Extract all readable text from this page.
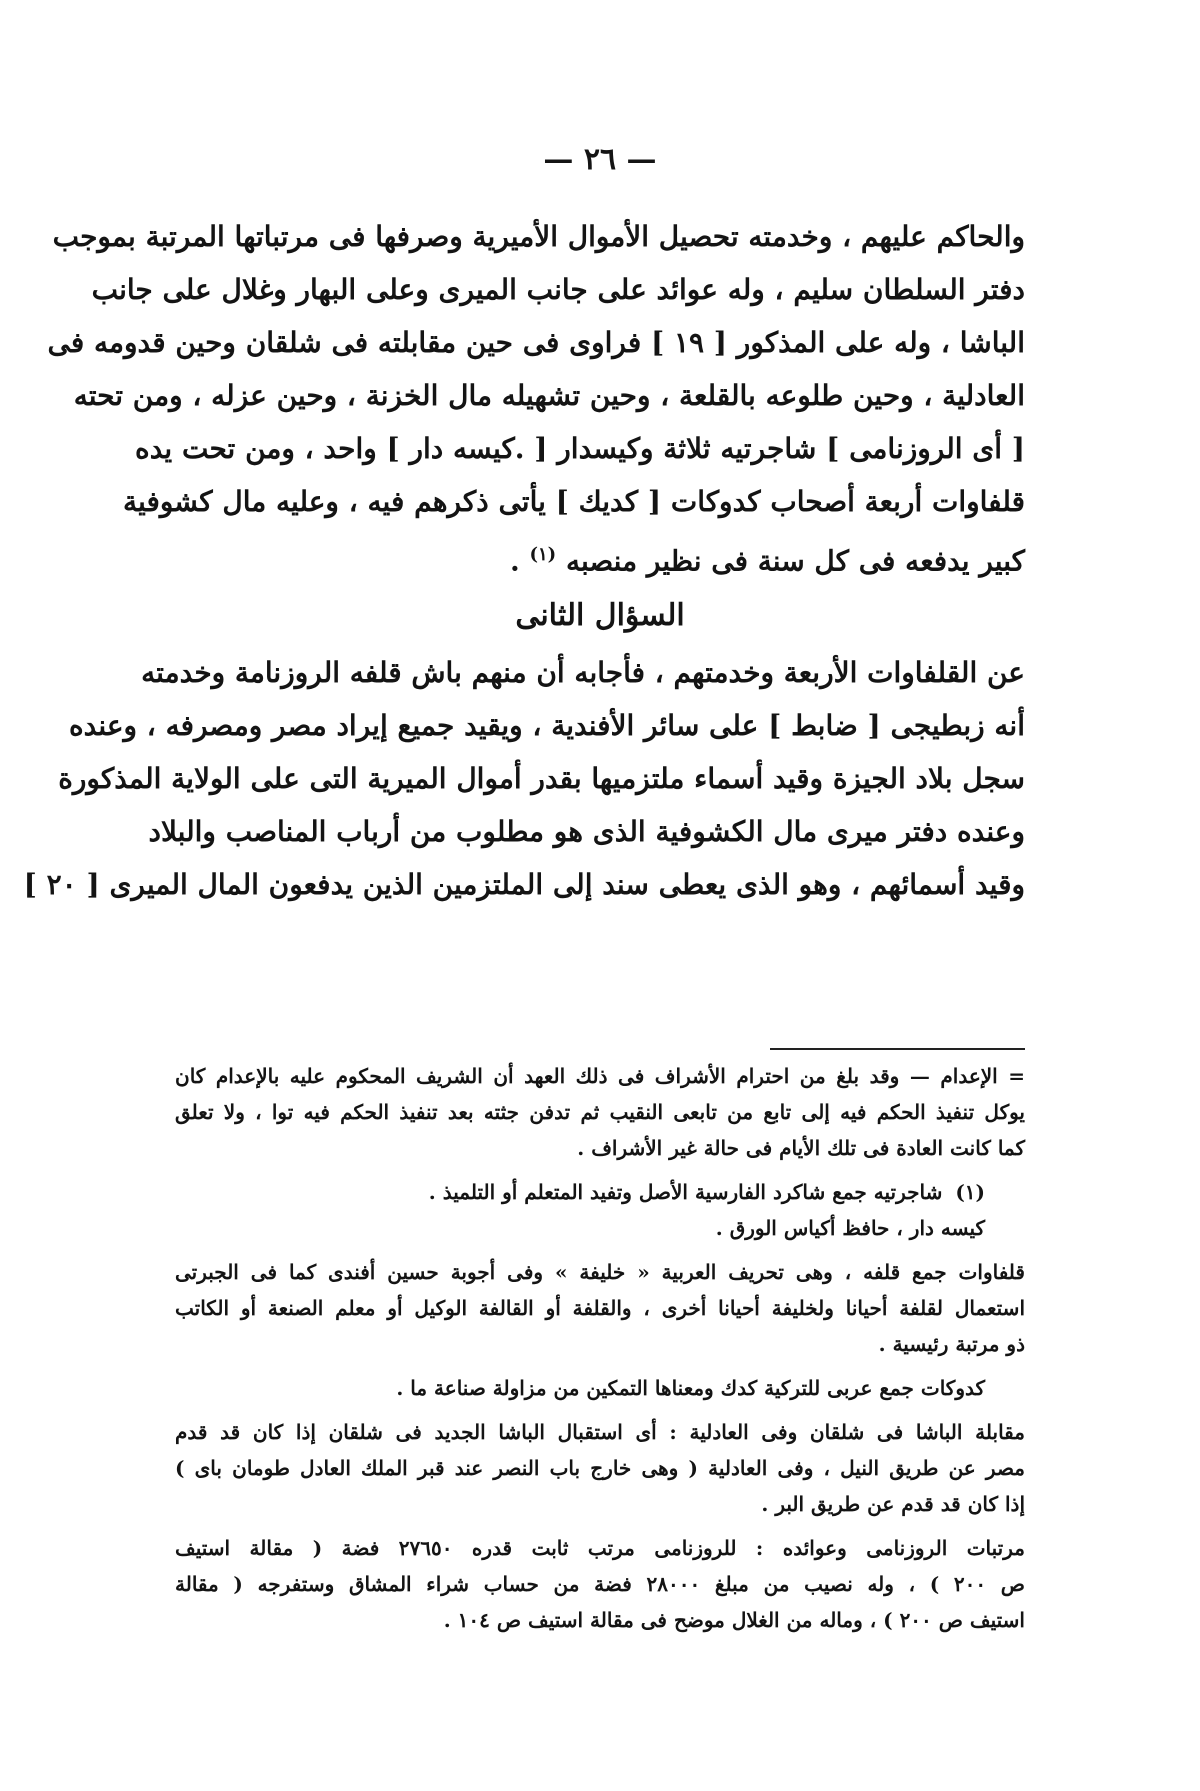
— ٢٦ —

والحاكم عليهم ، وخدمته تحصيل الأموال الأميرية وصرفها فى مرتباتها المرتبة بموجب
دفتر السلطان سليم ، وله عوائد على جانب الميرى وعلى البهار وغلال على جانب
الباشا ، وله على المذكور [ ١٩ ] فراوى فى حين مقابلته فى شلقان وحين قدومه فى
العادلية ، وحين طلوعه بالقلعة ، وحين تشهيله مال الخزنة ، وحين عزله ، ومن تحته
[ أى الروزنامى ] شاجرتيه ثلاثة وكيسدار [ .كيسه دار ] واحد ، ومن تحت يده
قلفاوات أربعة أصحاب كدوكات [ كديك ] يأتى ذكرهم فيه ، وعليه مال كشوفية
كبير يدفعه فى كل سنة فى نظير منصبه $^{(١)}$ .

السؤال الثانى

عن القلفاوات الأربعة وخدمتهم ، فأجابه أن منهم باش قلفه الروزنامة وخدمته
أنه زبطيجى [ ضابط ] على سائر الأفندية ، ويقيد جميع إيراد مصر ومصرفه ، وعنده
سجل بلاد الجيزة وقيد أسماء ملتزميها بقدر أموال الميرية التى على الولاية المذكورة
وعنده دفتر ميرى مال الكشوفية الذى هو مطلوب من أرباب المناصب والبلاد
وقيد أسمائهم ، وهو الذى يعطى سند إلى الملتزمين الذين يدفعون المال الميرى [ ٢٠ ]

= الإعدام — وقد بلغ من احترام الأشراف فى ذلك العهد أن الشريف المحكوم عليه بالإعدام كان
يوكل تنفيذ الحكم فيه إلى تابع من تابعى النقيب ثم تدفن جثته بعد تنفيذ الحكم فيه توا ، ولا تعلق
كما كانت العادة فى تلك الأيام فى حالة غير الأشراف .
(١) شاجرتيه جمع شاكرد الفارسية الأصل وتفيد المتعلم أو التلميذ .
كيسه دار ، حافظ أكياس الورق .
قلفاوات جمع قلفه ، وهى تحريف العربية « خليفة » وفى أجوبة حسين أفندى كما فى الجبرتى
استعمال لقلفة أحيانا ولخليفة أحيانا أخرى ، والقلفة أو القالفة الوكيل أو معلم الصنعة أو الكاتب
ذو مرتبة رئيسية .
كدوكات جمع عربى للتركية كدك ومعناها التمكين من مزاولة صناعة ما .
مقابلة الباشا فى شلقان وفى العادلية : أى استقبال الباشا الجديد فى شلقان إذا كان قد قدم
مصر عن طريق النيل ، وفى العادلية ( وهى خارج باب النصر عند قبر الملك العادل طومان باى )
إذا كان قد قدم عن طريق البر .
مرتبات الروزنامى وعوائده : للروزنامى مرتب ثابت قدره ٢٧٦٥٠ فضة ( مقالة استيف
ص ٢٠٠ ) ، وله نصيب من مبلغ ٢٨٠٠٠ فضة من حساب شراء المشاق وستفرجه ( مقالة
استيف ص ٢٠٠ ) ، وماله من الغلال موضح فى مقالة استيف ص ١٠٤ .
